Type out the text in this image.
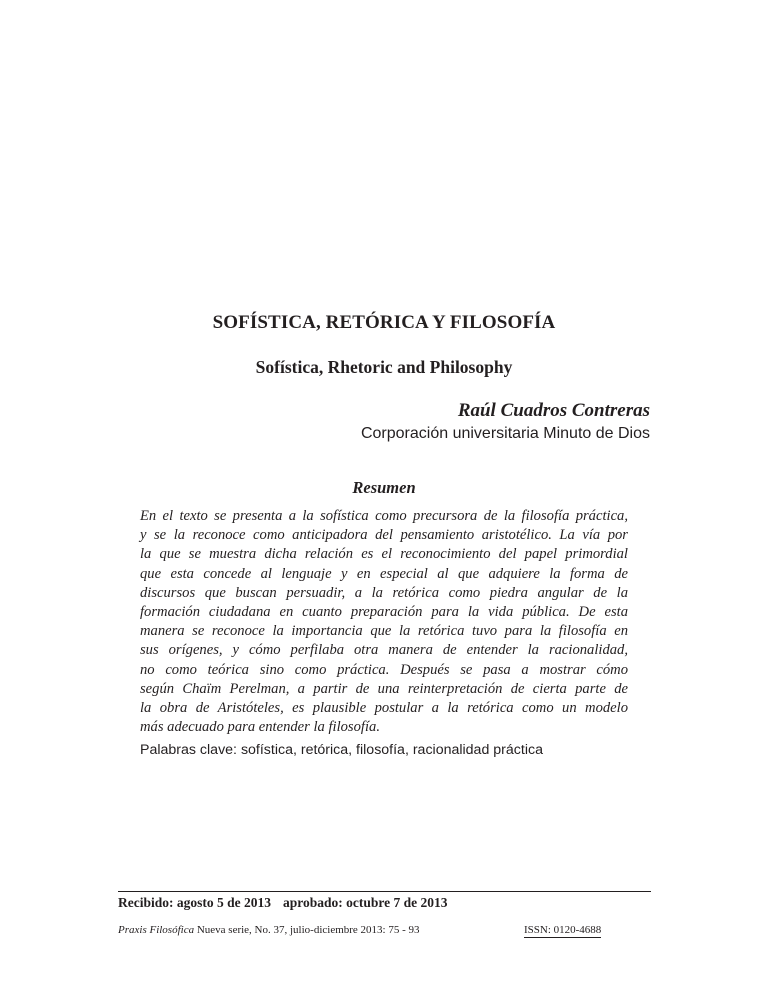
SOFÍSTICA, RETÓRICA Y FILOSOFÍA
Sofística, Rhetoric and Philosophy
Raúl Cuadros Contreras
Corporación universitaria Minuto de Dios
Resumen

En el texto se presenta a la sofística como precursora de la filosofía práctica,
y se la reconoce como anticipadora del pensamiento aristotélico. La vía por
la que se muestra dicha relación es el reconocimiento del papel primordial
que esta concede al lenguaje y en especial al que adquiere la forma de
discursos que buscan persuadir, a la retórica como piedra angular de la
formación ciudadana en cuanto preparación para la vida pública. De esta
manera se reconoce la importancia que la retórica tuvo para la filosofía en
sus orígenes, y cómo perfilaba otra manera de entender la racionalidad,
no como teórica sino como práctica. Después se pasa a mostrar cómo
según Chaïm Perelman, a partir de una reinterpretación de cierta parte de
la obra de Aristóteles, es plausible postular a la retórica como un modelo
más adecuado para entender la filosofía.

Palabras clave: sofística, retórica, filosofía, racionalidad práctica
Recibido: agosto 5 de 2013 aprobado: octubre 7 de 2013
Praxis Filosófica Nueva serie, No. 37, julio-diciembre 2013: 75 - 93	ISSN: 0120-4688
